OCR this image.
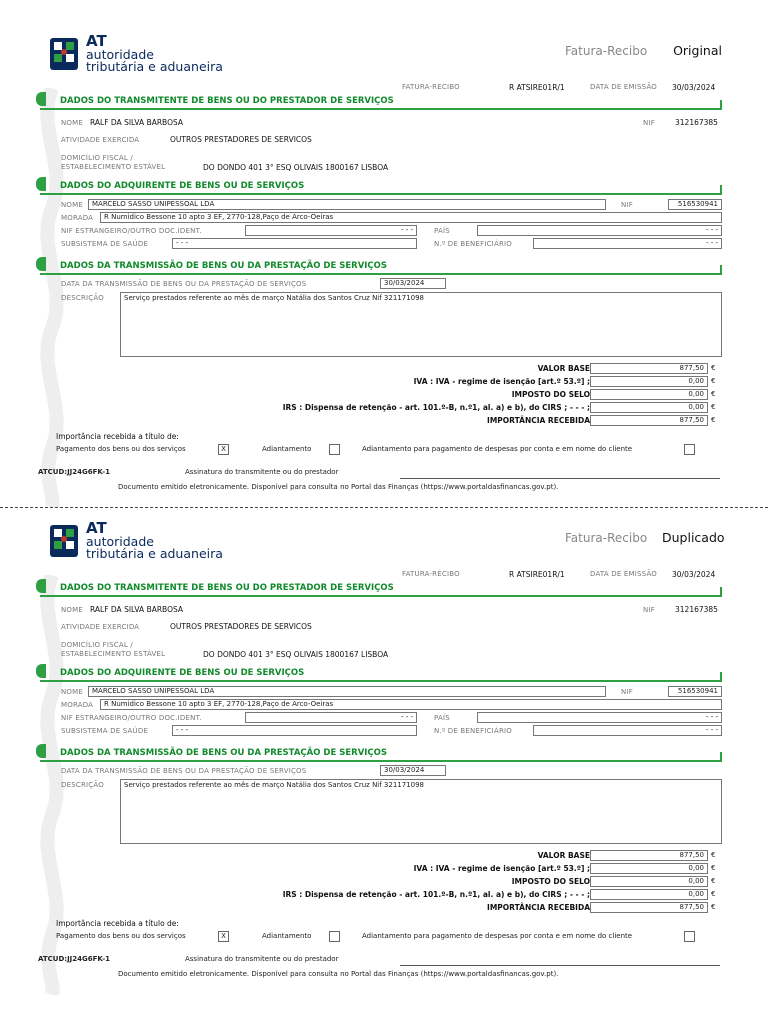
AT
autoridade
tributária e aduaneira
Fatura-Recibo	Original
FATURA-RECIBO	R ATSIRE01R/1	DATA DE EMISSÃO 30/03/2024
DADOS DO TRANSMITENTE DE BENS OU DO PRESTADOR DE SERVIÇOS
NOME RALF DA SILVA BARBOSA	NIF	312167385
ATIVIDADE EXERCIDA	OUTROS PRESTADORES DE SERVICOS
DOMICÍLIO FISCAL /
ESTABELECIMENTO ESTÁVEL	DO DONDO 401 3° ESQ OLIVAIS 1800167 LISBOA
DADOS DO ADQUIRENTE DE BENS OU DE SERVIÇOS
NOME	MARCELO SASSO UNIPESSOAL LDA	NIF	516530941
MORADA	R Numidico Bessone 10 apto 3 EF, 2770-128,Paço de Arco-Oeiras
NIF ESTRANGEIRO/OUTRO DOC.IDENT.	- - -	PAÍS	- - -
SUBSISTEMA DE SAÚDE	- - -	N.º DE BENEFICIÁRIO	- - -
DADOS DA TRANSMISSÃO DE BENS OU DA PRESTAÇÃO DE SERVIÇOS
DATA DA TRANSMISSÃO DE BENS OU DA PRESTAÇÃO DE SERVIÇOS	30/03/2024
DESCRIÇÃO	Serviço prestados referente ao mês de março Natália dos Santos Cruz Nif 321171098
VALOR BASE	877,50	€
IVA : IVA - regime de isenção [art.º 53.º] ;	0,00	€
IMPOSTO DO SELO	0,00	€
IRS : Dispensa de retenção - art. 101.º-B, n.º1, al. a) e b), do CIRS ; - - - ;	0,00	€
IMPORTÂNCIA RECEBIDA	877,50	€
Importância recebida a título de:
Pagamento dos bens ou dos serviços	X	Adiantamento	Adiantamento para pagamento de despesas por conta e em nome do cliente
ATCUD:JJ24G6FK-1	Assinatura do transmitente ou do prestador
Documento emitido eletronicamente. Disponível para consulta no Portal das Finanças (https://www.portaldasfinancas.gov.pt).
AT
autoridade
tributária e aduaneira
Fatura-Recibo Duplicado
FATURA-RECIBO	R ATSIRE01R/1	DATA DE EMISSÃO 30/03/2024
DADOS DO TRANSMITENTE DE BENS OU DO PRESTADOR DE SERVIÇOS
NOME RALF DA SILVA BARBOSA	NIF	312167385
ATIVIDADE EXERCIDA	OUTROS PRESTADORES DE SERVICOS
DOMICÍLIO FISCAL /
ESTABELECIMENTO ESTÁVEL	DO DONDO 401 3° ESQ OLIVAIS 1800167 LISBOA
DADOS DO ADQUIRENTE DE BENS OU DE SERVIÇOS
NOME	MARCELO SASSO UNIPESSOAL LDA	NIF	516530941
MORADA	R Numidico Bessone 10 apto 3 EF, 2770-128,Paço de Arco-Oeiras
NIF ESTRANGEIRO/OUTRO DOC.IDENT.	- - -	PAÍS	- - -
SUBSISTEMA DE SAÚDE	- - -	N.º DE BENEFICIÁRIO	- - -
DADOS DA TRANSMISSÃO DE BENS OU DA PRESTAÇÃO DE SERVIÇOS
DATA DA TRANSMISSÃO DE BENS OU DA PRESTAÇÃO DE SERVIÇOS	30/03/2024
DESCRIÇÃO	Serviço prestados referente ao mês de março Natália dos Santos Cruz Nif 321171098
VALOR BASE	877,50	€
IVA : IVA - regime de isenção [art.º 53.º] ;	0,00	€
IMPOSTO DO SELO	0,00	€
IRS : Dispensa de retenção - art. 101.º-B, n.º1, al. a) e b), do CIRS ; - - - ;	0,00	€
IMPORTÂNCIA RECEBIDA	877,50	€
Importância recebida a título de:
Pagamento dos bens ou dos serviços	X	Adiantamento	Adiantamento para pagamento de despesas por conta e em nome do cliente
ATCUD:JJ24G6FK-1	Assinatura do transmitente ou do prestador
Documento emitido eletronicamente. Disponível para consulta no Portal das Finanças (https://www.portaldasfinancas.gov.pt).
